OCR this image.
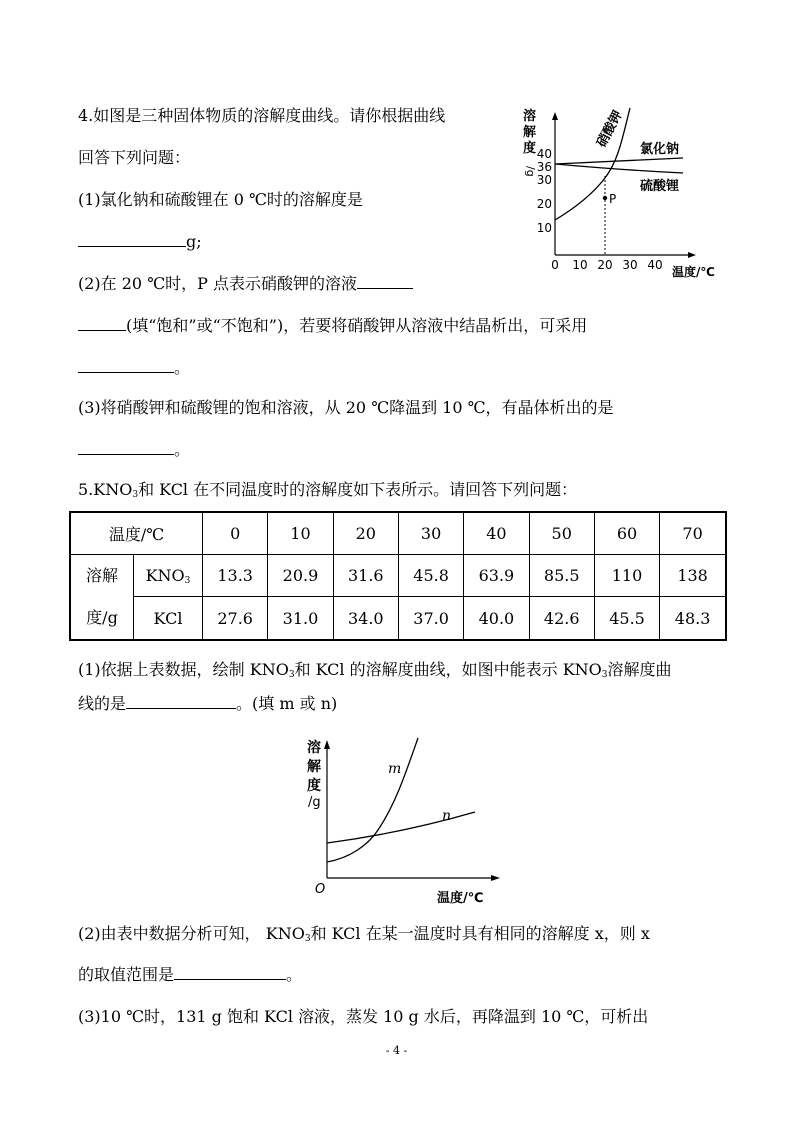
4.如图是三种固体物质的溶解度曲线。请你根据曲线
回答下列问题：
(1)氯化钠和硫酸锂在 0 ℃时的溶解度是
g;
(2)在 20 ℃时，P 点表示硝酸钾的溶液
(填“饱和”或“不饱和”)，若要将硝酸钾从溶液中结晶析出，可采用
。
(3)将硝酸钾和硫酸锂的饱和溶液，从 20 ℃降温到 10 ℃，有晶体析出的是
。
溶
解
度
/g
40
36
30
20
10
0 10 20 30 40 温度/℃
P
硝酸钾 氯化钠
硫酸锂
$5.KNO_3$和 KCl 在不同温度时的溶解度如下表所示。请回答下列问题：
温度/℃		0	10	20	30	40	50	60	70

溶解
度/g	$KNO_3$	13.3	20.9	31.6	45.8	63.9	85.5	110	138
	KCl	27.6	31.0	34.0	37.0	40.0	42.6	45.5	48.3
(1)依据上表数据，绘制 $KNO_3$和 KCl 的溶解度曲线，如图中能表示 $KNO_3$溶解度曲
线的是	。(填 m 或 n)
溶
解
度
/g
O
温度/℃
m
n
(2)由表中数据分析可知， $KNO_3$和 KCl 在某一温度时具有相同的溶解度 x，则 x
的取值范围是	。
(3)10 ℃时，131 g 饱和 KCl 溶液，蒸发 10 g 水后，再降温到 10 ℃，可析出
- 4 -
